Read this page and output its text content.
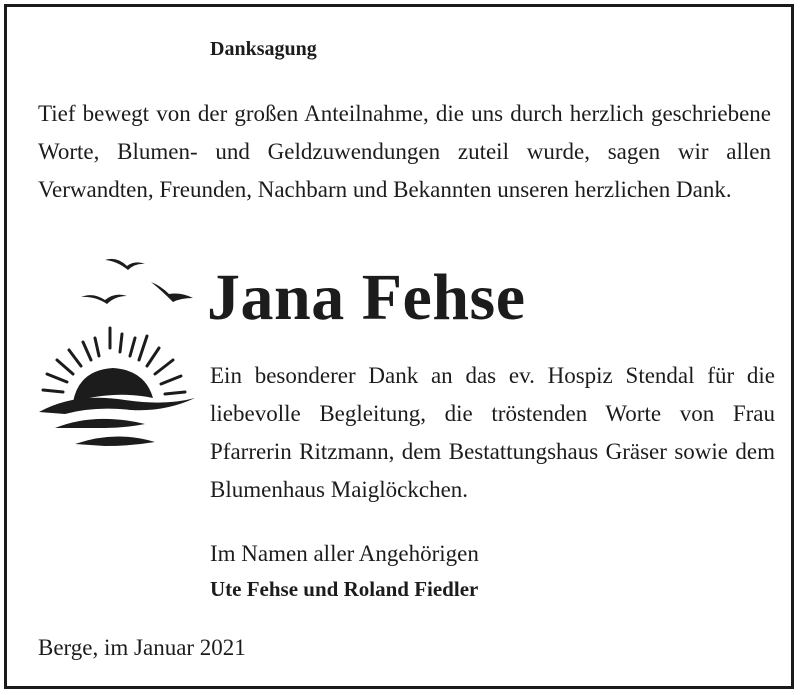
Danksagung
Tief bewegt von der großen Anteilnahme, die uns durch herzlich geschriebene Worte, Blumen- und Geldzuwendungen zuteil wurde, sagen wir allen Verwandten, Freunden, Nachbarn und Bekannten unseren herzlichen Dank.
Jana Fehse
Ein besonderer Dank an das ev. Hospiz Stendal für die liebevolle Begleitung, die tröstenden Worte von Frau Pfarrerin Ritzmann, dem Bestattungshaus Gräser sowie dem Blumenhaus Maiglöckchen.
Im Namen aller Angehörigen
Ute Fehse und Roland Fiedler
Berge, im Januar 2021
